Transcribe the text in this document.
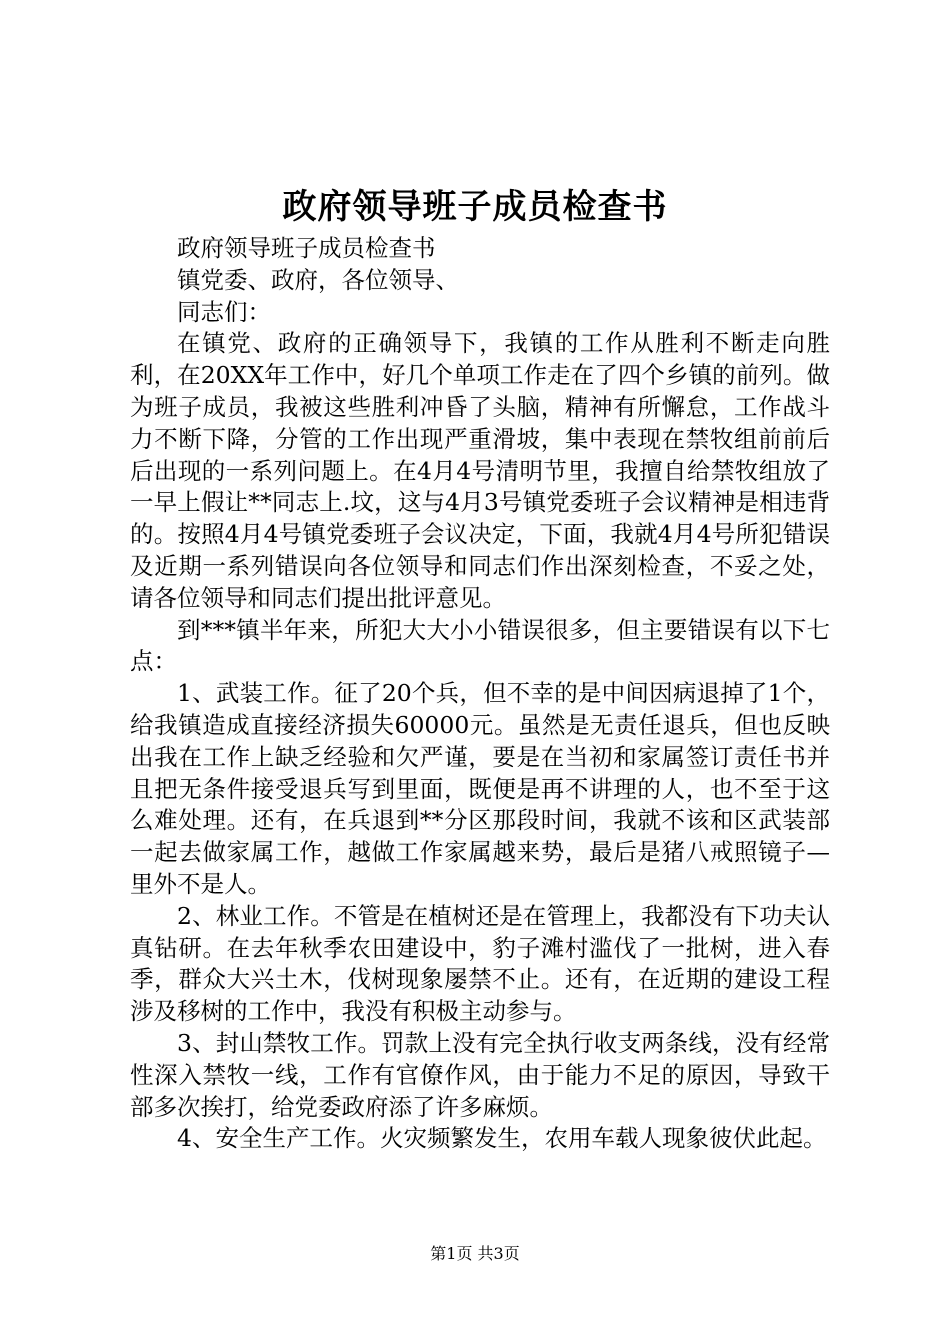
政府领导班子成员检查书

政府领导班子成员检查书

镇党委、政府，各位领导、

同志们：

在镇党、政府的正确领导下，我镇的工作从胜利不断走向胜利，在20XX年工作中，好几个单项工作走在了四个乡镇的前列。做为班子成员，我被这些胜利冲昏了头脑，精神有所懈怠，工作战斗力不断下降，分管的工作出现严重滑坡，集中表现在禁牧组前前后后出现的一系列问题上。在4月4号清明节里，我擅自给禁牧组放了一早上假让**同志上.坟，这与4月3号镇党委班子会议精神是相违背的。按照4月4号镇党委班子会议决定，下面，我就4月4号所犯错误及近期一系列错误向各位领导和同志们作出深刻检查，不妥之处，请各位领导和同志们提出批评意见。

到***镇半年来，所犯大大小小错误很多，但主要错误有以下七点：

1、武装工作。征了20个兵，但不幸的是中间因病退掉了1个，给我镇造成直接经济损失60000元。虽然是无责任退兵，但也反映出我在工作上缺乏经验和欠严谨，要是在当初和家属签订责任书并且把无条件接受退兵写到里面，既便是再不讲理的人，也不至于这么难处理。还有，在兵退到**分区那段时间，我就不该和区武装部一起去做家属工作，越做工作家属越来势，最后是猪八戒照镜子—里外不是人。

2、林业工作。不管是在植树还是在管理上，我都没有下功夫认真钻研。在去年秋季农田建设中，豹子滩村滥伐了一批树，进入春季，群众大兴土木，伐树现象屡禁不止。还有，在近期的建设工程涉及移树的工作中，我没有积极主动参与。

3、封山禁牧工作。罚款上没有完全执行收支两条线，没有经常性深入禁牧一线，工作有官僚作风，由于能力不足的原因，导致干部多次挨打，给党委政府添了许多麻烦。

4、安全生产工作。火灾频繁发生，农用车载人现象彼伏此起。

第1页 共3页
